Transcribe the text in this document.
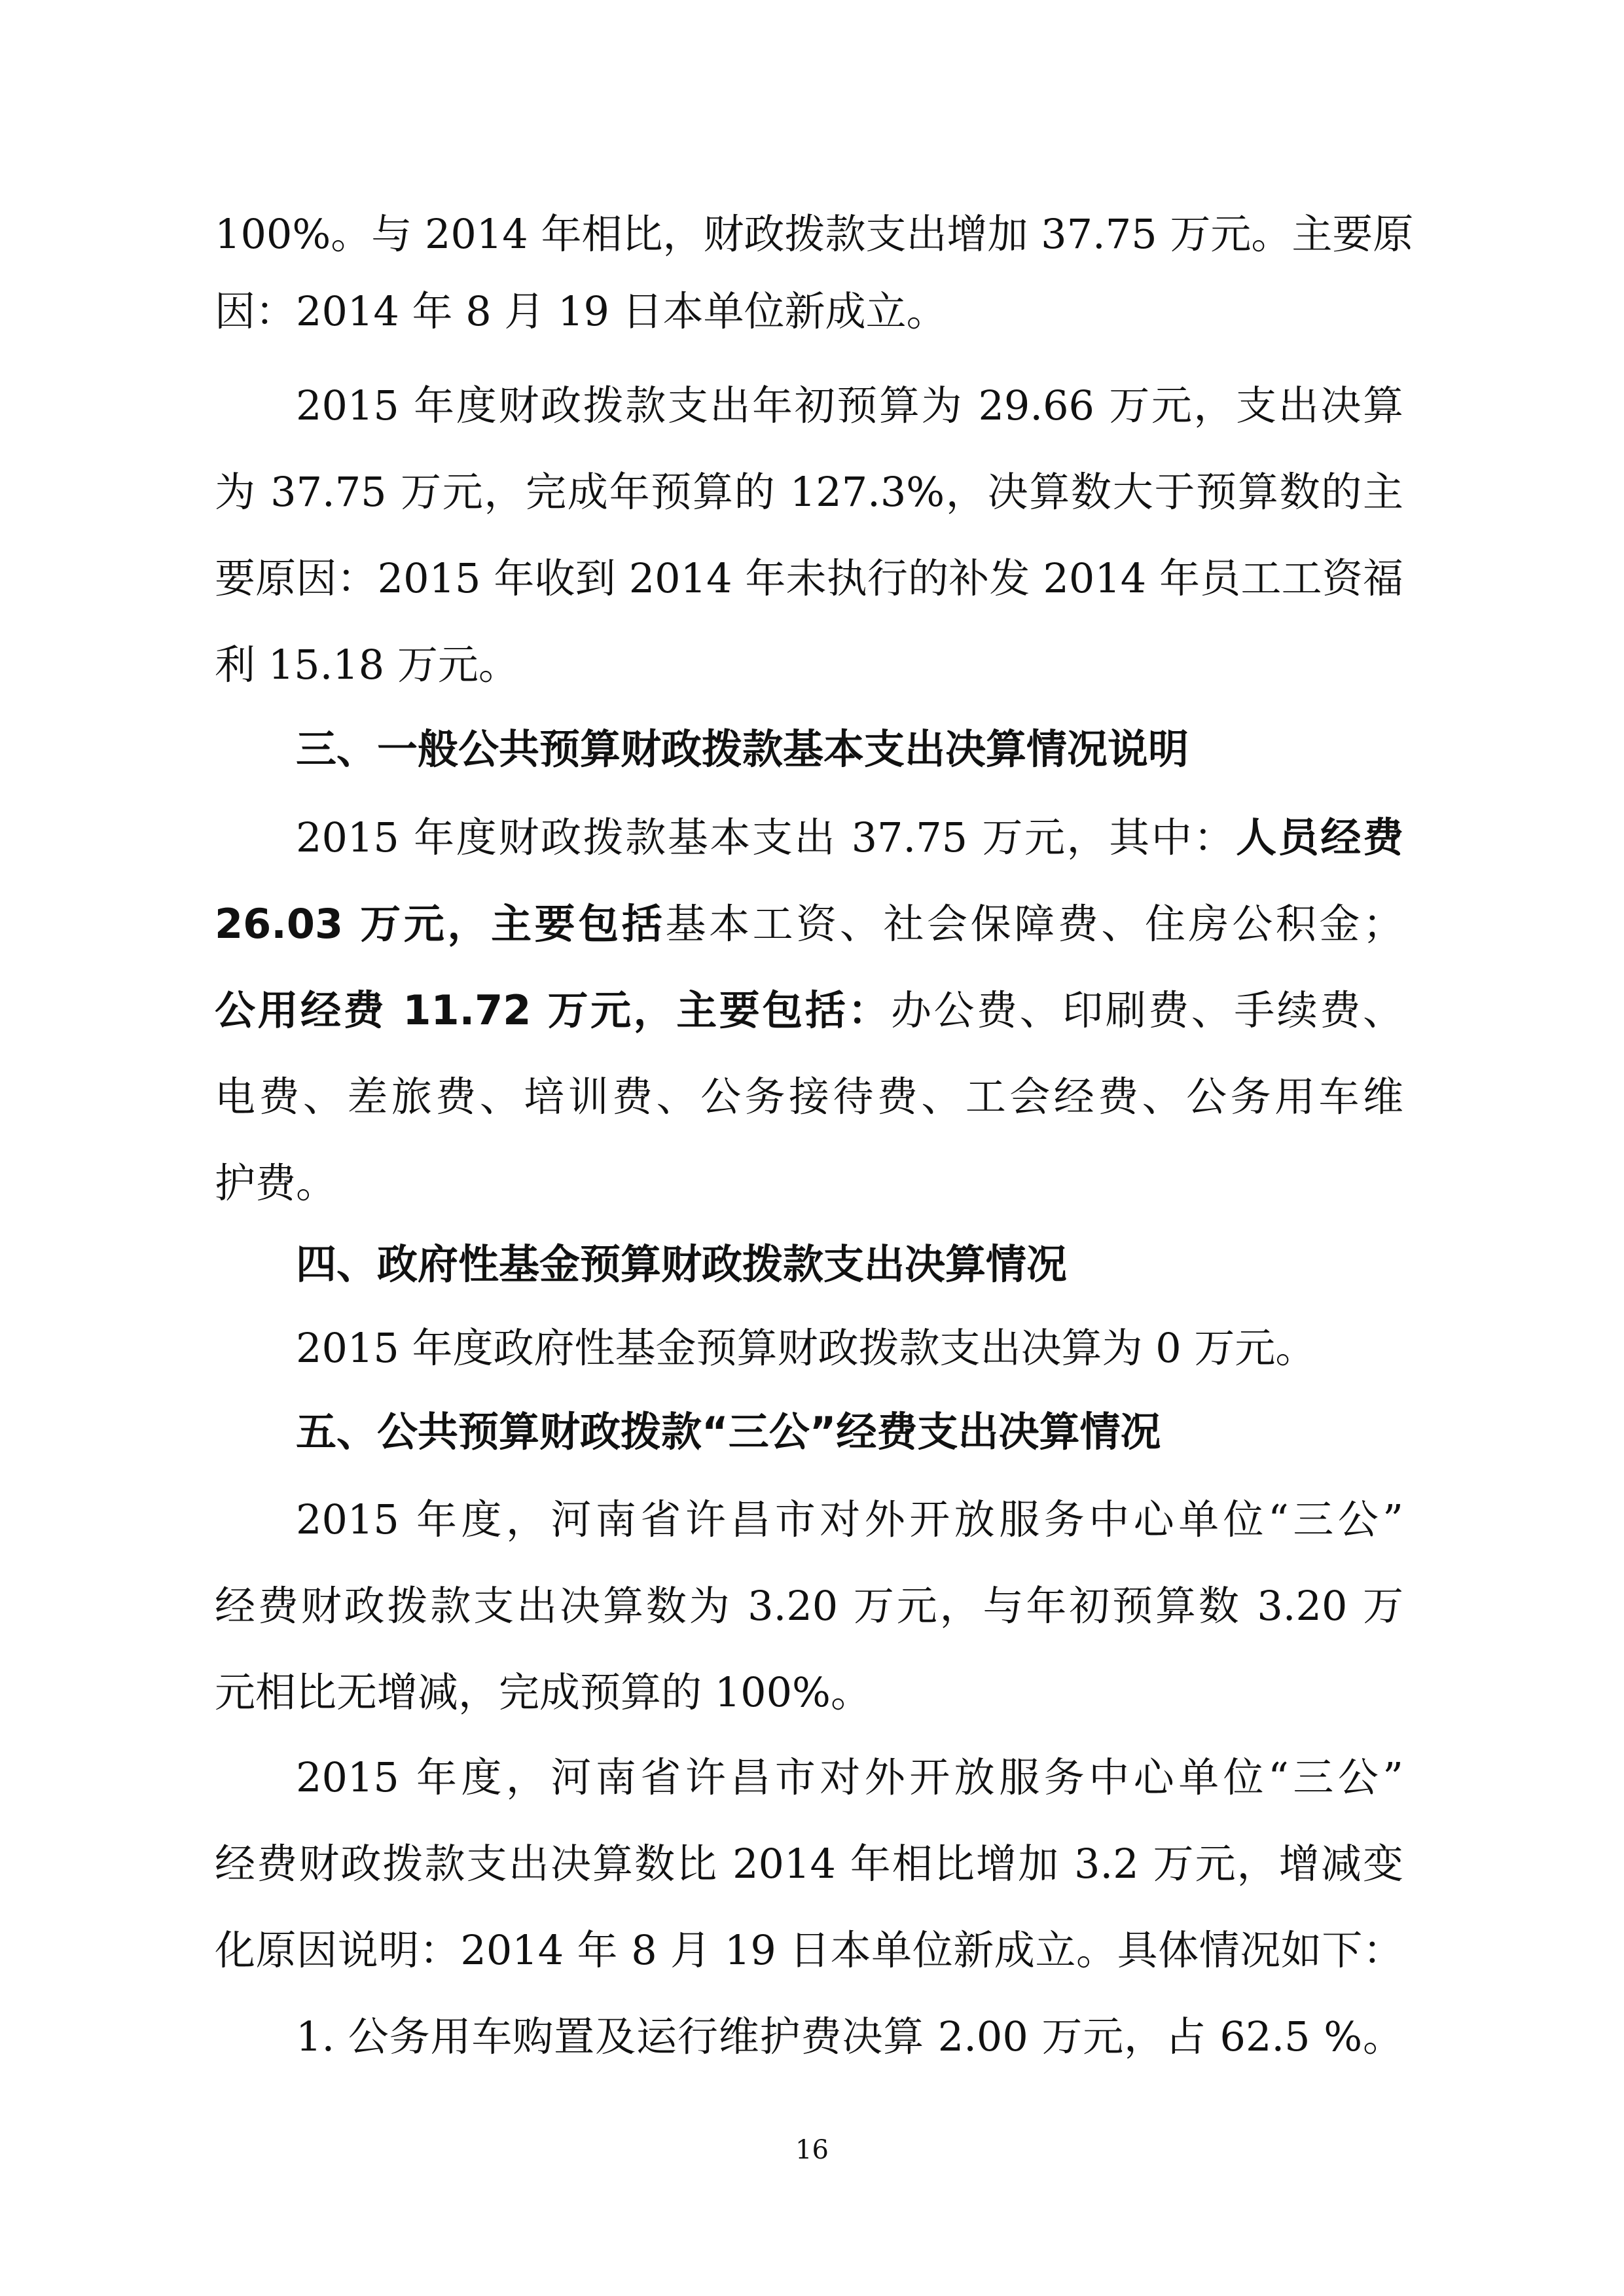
100%。与 2014 年相比，财政拨款支出增加 37.75 万元。主要原
因：2014 年 8 月 19 日本单位新成立。
2015 年度财政拨款支出年初预算为 29.66 万元，支出决算
为 37.75 万元，完成年预算的 127.3%，决算数大于预算数的主
要原因：2015 年收到 2014 年未执行的补发 2014 年员工工资福
利 15.18 万元。
三、一般公共预算财政拨款基本支出决算情况说明
2015 年度财政拨款基本支出 37.75 万元，其中：人员经费
26.03 万元，主要包括基本工资、社会保障费、住房公积金；
公用经费 11.72 万元，主要包括：办公费、印刷费、手续费、
电费、差旅费、培训费、公务接待费、工会经费、公务用车维
护费。
四、政府性基金预算财政拨款支出决算情况
2015 年度政府性基金预算财政拨款支出决算为 0 万元。
五、公共预算财政拨款“三公”经费支出决算情况
2015 年度，河南省许昌市对外开放服务中心单位“三公”
经费财政拨款支出决算数为 3.20 万元，与年初预算数 3.20 万
元相比无增减，完成预算的 100%。
2015 年度，河南省许昌市对外开放服务中心单位“三公”
经费财政拨款支出决算数比 2014 年相比增加 3.2 万元，增减变
化原因说明：2014 年 8 月 19 日本单位新成立。具体情况如下：
1. 公务用车购置及运行维护费决算 2.00 万元，占 62.5 %。
16
